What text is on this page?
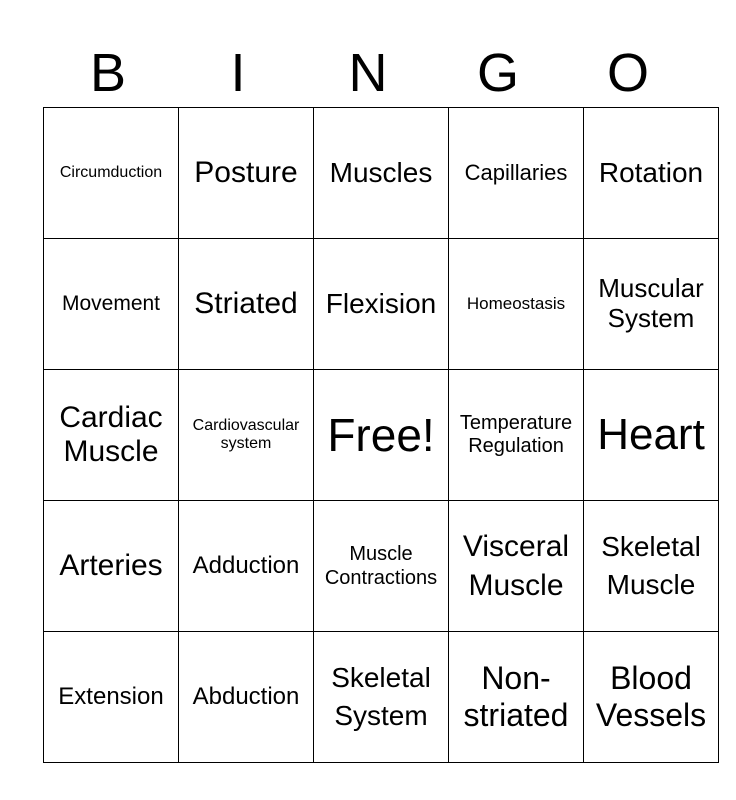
B	I	N	G	O
Circumduction	Posture	Muscles	Capillaries	Rotation
Movement	Striated	Flexision	Homeostasis	Muscular System
Cardiac Muscle	Cardiovascular system	Free!	Temperature Regulation	Heart
Arteries	Adduction	Muscle Contractions	Visceral Muscle	Skeletal Muscle
Extension	Abduction	Skeletal System	Non-striated	Blood Vessels
